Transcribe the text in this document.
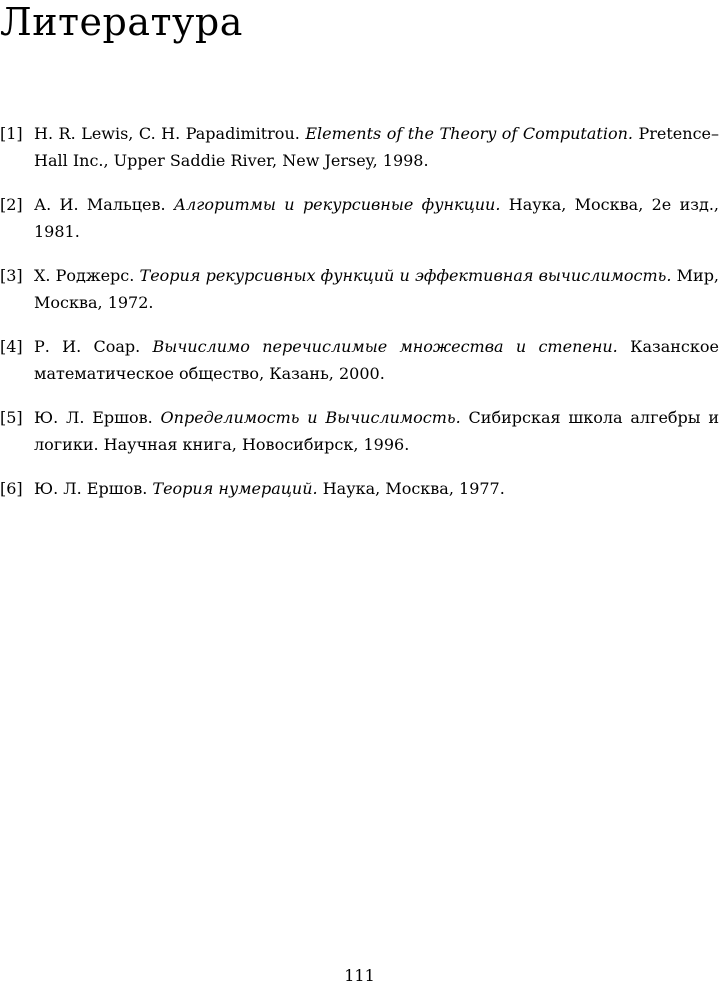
Литература
[1] H. R. Lewis, C. H. Papadimitrou. Elements of the Theory of Computation. Pretence–Hall Inc., Upper Saddie River, New Jersey, 1998.
[2] А. И. Мальцев. Алгоритмы и рекурсивные функции. Наука, Москва, 2е изд., 1981.
[3] Х. Роджерс. Теория рекурсивных функций и эффективная вычислимость. Мир, Москва, 1972.
[4] Р. И. Соар. Вычислимо перечислимые множества и степени. Казанское математическое общество, Казань, 2000.
[5] Ю. Л. Ершов. Определимость и Вычислимость. Сибирская школа алгебры и логики. Научная книга, Новосибирск, 1996.
[6] Ю. Л. Ершов. Теория нумераций. Наука, Москва, 1977.
111
